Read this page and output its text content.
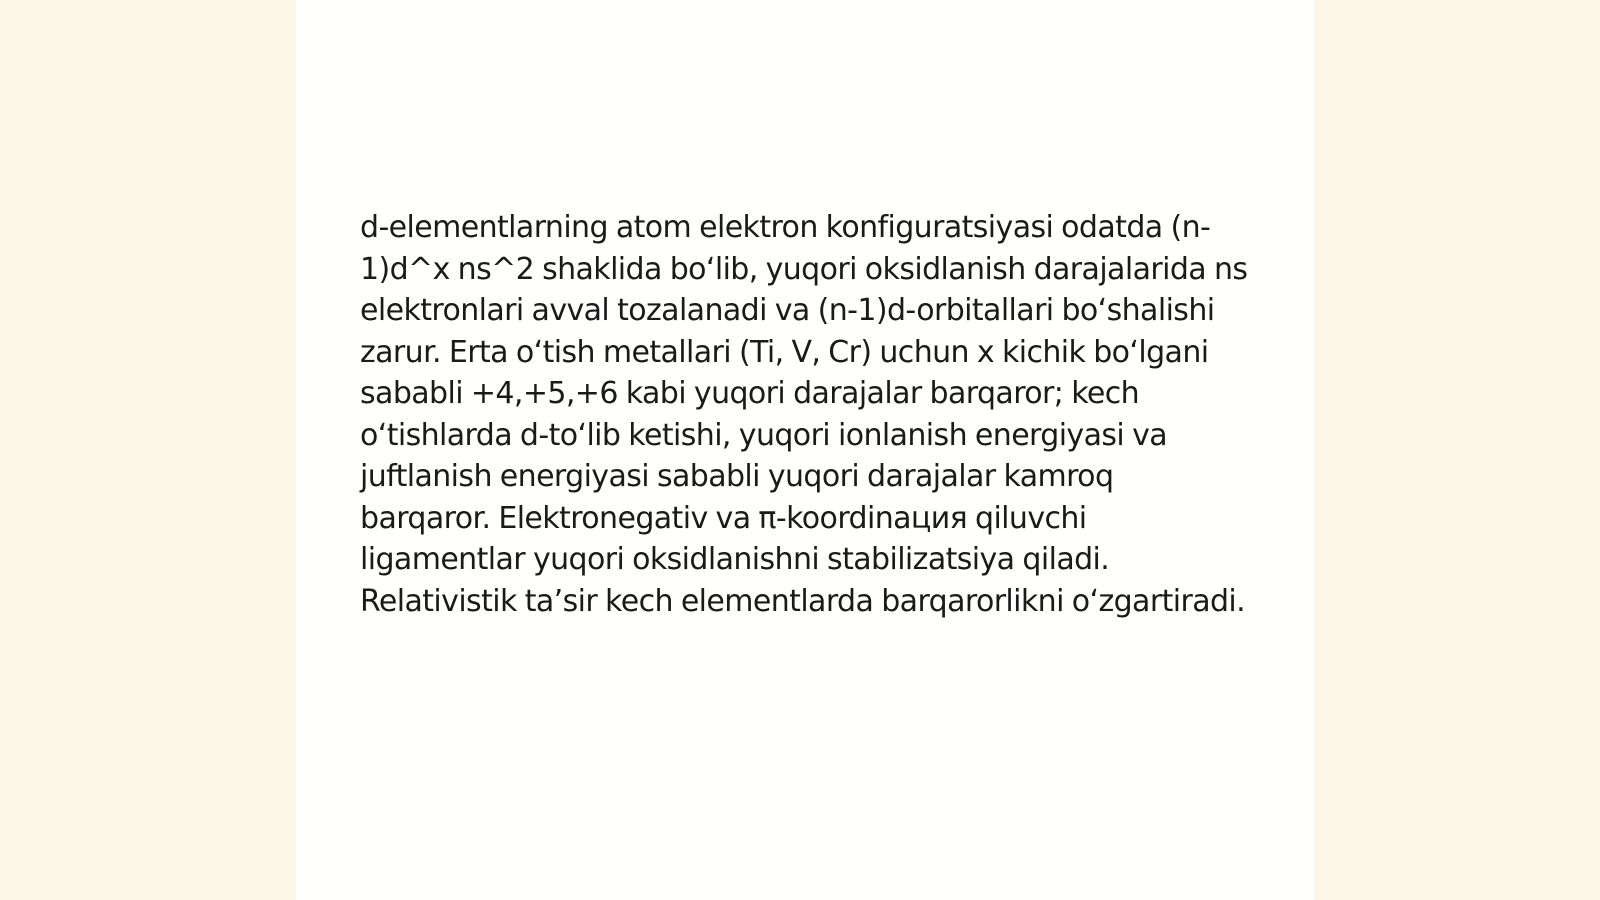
d-elementlarning atom elektron konfiguratsiyasi odatda (n-1)d^x ns^2 shaklida bo‘lib, yuqori oksidlanish darajalarida ns elektronlari avval tozalanadi va (n-1)d-orbitallari bo‘shalishi zarur. Erta o‘tish metallari (Ti, V, Cr) uchun x kichik bo‘lgani sababli +4,+5,+6 kabi yuqori darajalar barqaror; kech o‘tishlarda d-to‘lib ketishi, yuqori ionlanish energiyasi va juftlanish energiyasi sababli yuqori darajalar kamroq barqaror. Elektronegativ va π-koordinaция qiluvchi ligamentlar yuqori oksidlanishni stabilizatsiya qiladi. Relativistik ta’sir kech elementlarda barqarorlikni o‘zgartiradi.
